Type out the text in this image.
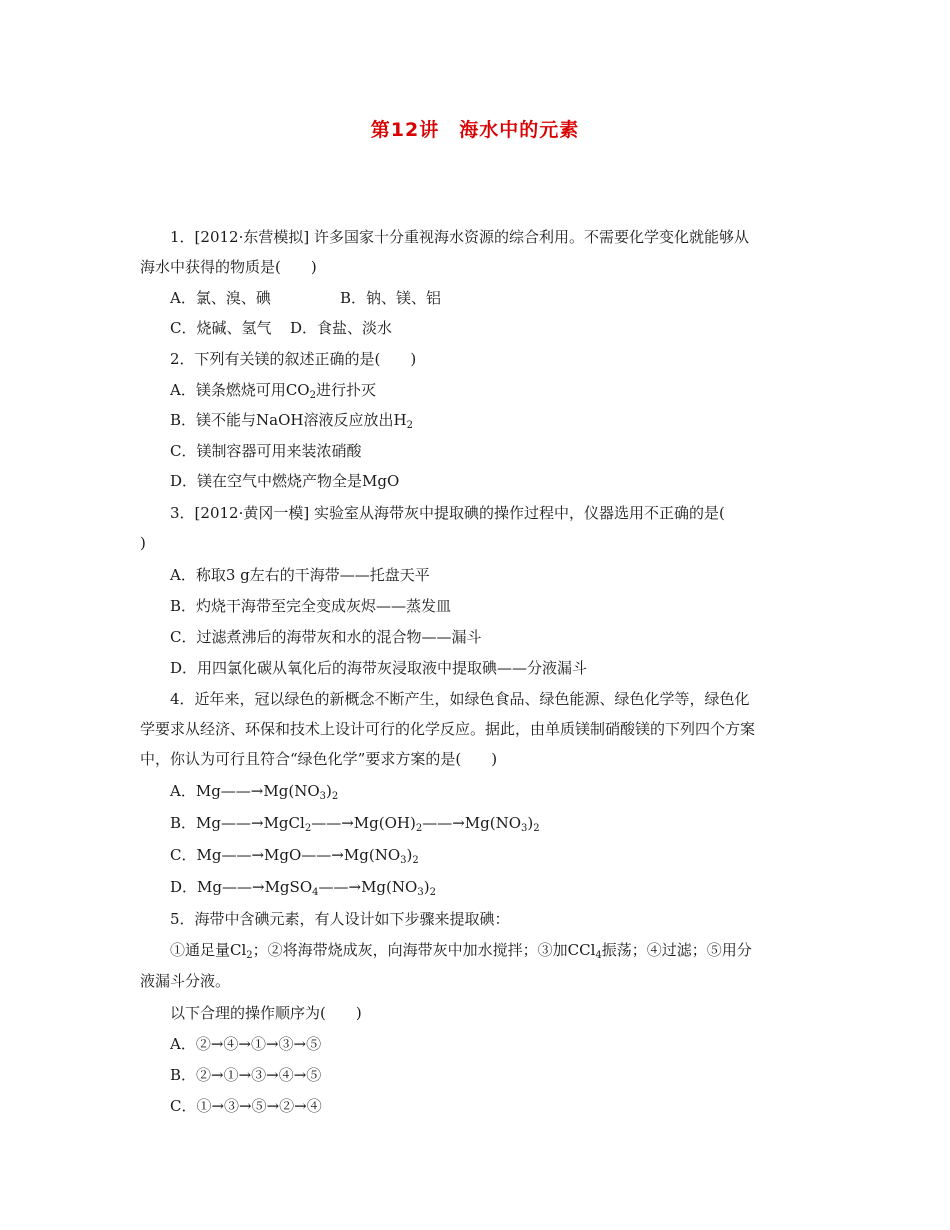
第12讲　海水中的元素
1．[2012·东营模拟] 许多国家十分重视海水资源的综合利用。不需要化学变化就能够从
海水中获得的物质是(　　)
A．氯、溴、碘	B．钠、镁、铝
C．烧碱、氢气 D．食盐、淡水
2．下列有关镁的叙述正确的是(　　)
A．镁条燃烧可用$CO_2$进行扑灭
B．镁不能与NaOH溶液反应放出$H_2$
C．镁制容器可用来装浓硝酸
D．镁在空气中燃烧产物全是MgO
3．[2012·黄冈一模] 实验室从海带灰中提取碘的操作过程中，仪器选用不正确的是(
)
A．称取3 g左右的干海带——托盘天平
B．灼烧干海带至完全变成灰烬——蒸发皿
C．过滤煮沸后的海带灰和水的混合物——漏斗
D．用四氯化碳从氧化后的海带灰浸取液中提取碘——分液漏斗
4．近年来，冠以绿色的新概念不断产生，如绿色食品、绿色能源、绿色化学等，绿色化
学要求从经济、环保和技术上设计可行的化学反应。据此，由单质镁制硝酸镁的下列四个方案
中，你认为可行且符合“绿色化学”要求方案的是(　　)
A．$Mg——\to Mg(NO_3)_2$
B．$Mg——\to MgCl_2——\to Mg(OH)_2——\to Mg(NO_3)_2$
C．$Mg——\to MgO——\to Mg(NO_3)_2$
D．$Mg——\to MgSO_4——\to Mg(NO_3)_2$
5．海带中含碘元素，有人设计如下步骤来提取碘：
①通足量$Cl_2$；②将海带烧成灰，向海带灰中加水搅拌；③加CCl$_4$振荡；④过滤；⑤用分
液漏斗分液。
以下合理的操作顺序为(　　)
A．②→④→①→③→⑤
B．②→①→③→④→⑤
C．①→③→⑤→②→④
